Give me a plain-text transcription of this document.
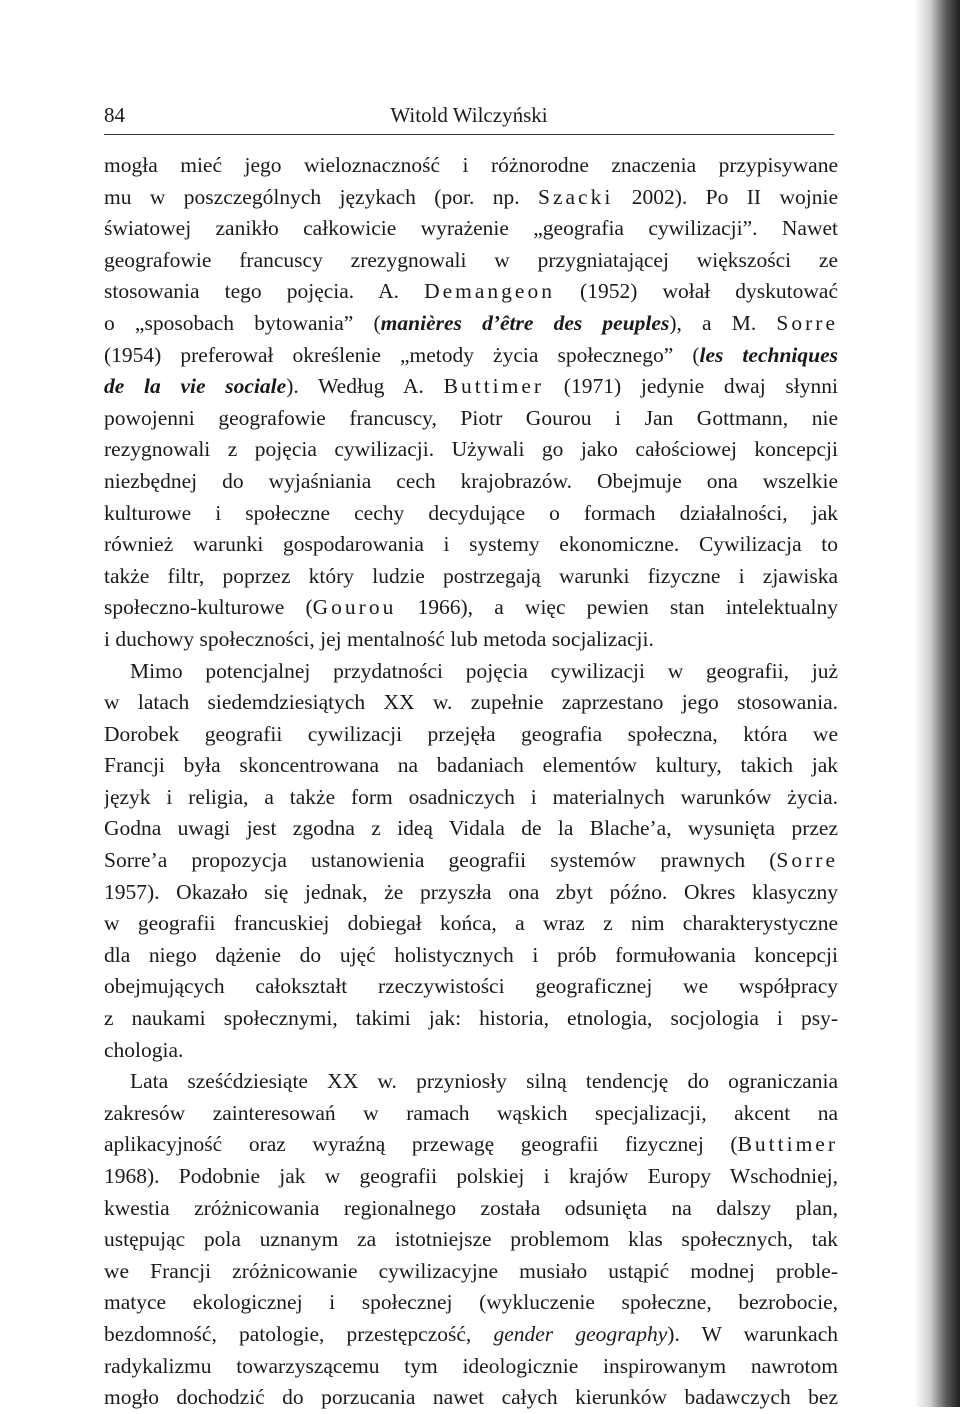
84	Witold Wilczyński
mogła mieć jego wieloznaczność i różnorodne znaczenia przypisywane
mu w poszczególnych językach (por. np. Szacki 2002). Po II wojnie
światowej zanikło całkowicie wyrażenie „geografia cywilizacji”. Nawet
geografowie francuscy zrezygnowali w przygniatającej większości ze
stosowania tego pojęcia. A. Demangeon (1952) wołał dyskutować
o „sposobach bytowania” (manières d’être des peuples), a M. Sorre
(1954) preferował określenie „metody życia społecznego” (les techniques
de la vie sociale). Według A. Buttimer (1971) jedynie dwaj słynni
powojenni geografowie francuscy, Piotr Gourou i Jan Gottmann, nie
rezygnowali z pojęcia cywilizacji. Używali go jako całościowej koncepcji
niezbędnej do wyjaśniania cech krajobrazów. Obejmuje ona wszelkie
kulturowe i społeczne cechy decydujące o formach działalności, jak
również warunki gospodarowania i systemy ekonomiczne. Cywilizacja to
także filtr, poprzez który ludzie postrzegają warunki fizyczne i zjawiska
społeczno-kulturowe (Gourou 1966), a więc pewien stan intelektualny
i duchowy społeczności, jej mentalność lub metoda socjalizacji.
Mimo potencjalnej przydatności pojęcia cywilizacji w geografii, już
w latach siedemdziesiątych XX w. zupełnie zaprzestano jego stosowania.
Dorobek geografii cywilizacji przejęła geografia społeczna, która we
Francji była skoncentrowana na badaniach elementów kultury, takich jak
język i religia, a także form osadniczych i materialnych warunków życia.
Godna uwagi jest zgodna z ideą Vidala de la Blache’a, wysunięta przez
Sorre’a propozycja ustanowienia geografii systemów prawnych (Sorre
1957). Okazało się jednak, że przyszła ona zbyt późno. Okres klasyczny
w geografii francuskiej dobiegał końca, a wraz z nim charakterystyczne
dla niego dążenie do ujęć holistycznych i prób formułowania koncepcji
obejmujących całokształt rzeczywistości geograficznej we współpracy
z naukami społecznymi, takimi jak: historia, etnologia, socjologia i psy-
chologia.
Lata sześćdziesiąte XX w. przyniosły silną tendencję do ograniczania
zakresów zainteresowań w ramach wąskich specjalizacji, akcent na
aplikacyjność oraz wyraźną przewagę geografii fizycznej (Buttimer
1968). Podobnie jak w geografii polskiej i krajów Europy Wschodniej,
kwestia zróżnicowania regionalnego została odsunięta na dalszy plan,
ustępując pola uznanym za istotniejsze problemom klas społecznych, tak
we Francji zróżnicowanie cywilizacyjne musiało ustąpić modnej proble-
matyce ekologicznej i społecznej (wykluczenie społeczne, bezrobocie,
bezdomność, patologie, przestępczość, gender geography). W warunkach
radykalizmu towarzyszącemu tym ideologicznie inspirowanym nawrotom
mogło dochodzić do porzucania nawet całych kierunków badawczych bez
